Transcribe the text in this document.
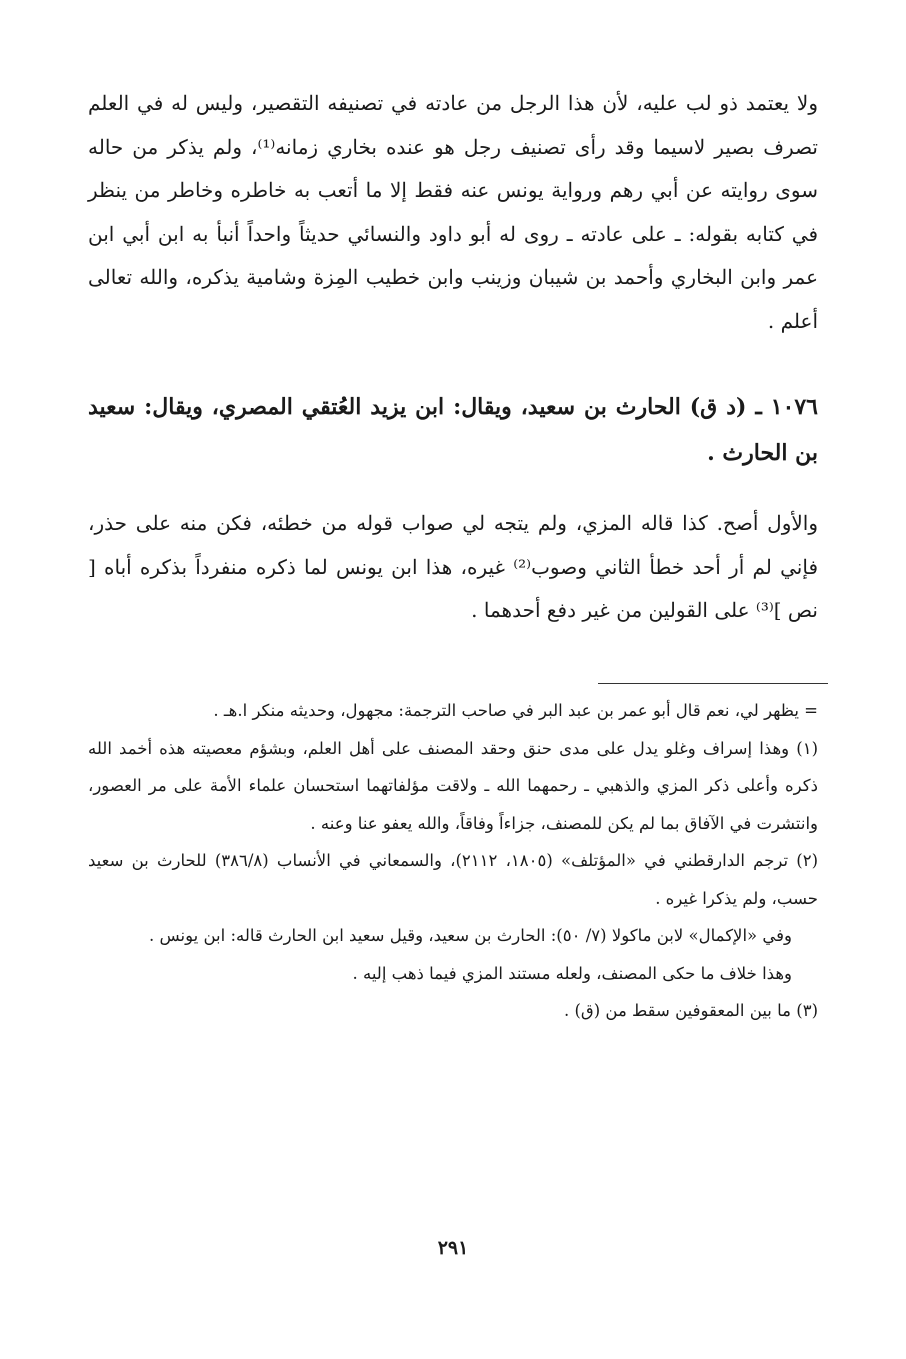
ولا يعتمد ذو لب عليه، لأن هذا الرجل من عادته في تصنيفه التقصير، وليس له في العلم تصرف بصير لاسيما وقد رأى تصنيف رجل هو عنده بخاري زمانه⁽¹⁾، ولم يذكر من حاله سوى روايته عن أبي رهم ورواية يونس عنه فقط إلا ما أتعب به خاطره وخاطر من ينظر في كتابه بقوله: ـ على عادته ـ روى له أبو داود والنسائي حديثاً واحداً أنبأ به ابن أبي ابن عمر وابن البخاري وأحمد بن شيبان وزينب وابن خطيب المِزة وشامية يذكره، والله تعالى أعلم .

١٠٧٦ ـ (د ق) الحارث بن سعيد، ويقال: ابن يزيد العُتقي المصري، ويقال: سعيد بن الحارث .

والأول أصح. كذا قاله المزي، ولم يتجه لي صواب قوله من خطئه، فكن منه على حذر، فإني لم أر أحد خطأ الثاني وصوب⁽²⁾ غيره، هذا ابن يونس لما ذكره منفرداً بذكره أباه [ نص ]⁽³⁾ على القولين من غير دفع أحدهما .

= يظهر لي، نعم قال أبو عمر بن عبد البر في صاحب الترجمة: مجهول، وحديثه منكر ا.هـ .

(١) وهذا إسراف وغلو يدل على مدى حنق وحقد المصنف على أهل العلم، وبشؤم معصيته هذه أخمد الله ذكره وأعلى ذكر المزي والذهبي ـ رحمهما الله ـ ولاقت مؤلفاتهما استحسان علماء الأمة على مر العصور، وانتشرت في الآفاق بما لم يكن للمصنف، جزاءاً وفاقاً، والله يعفو عنا وعنه .

(٢) ترجم الدارقطني في «المؤتلف» (١٨٠٥، ٢١١٢)، والسمعاني في الأنساب (٣٨٦/٨) للحارث بن سعيد حسب، ولم يذكرا غيره .

وفي «الإكمال» لابن ماكولا (٧/ ٥٠): الحارث بن سعيد، وقيل سعيد ابن الحارث قاله: ابن يونس .

وهذا خلاف ما حكى المصنف، ولعله مستند المزي فيما ذهب إليه .

(٣) ما بين المعقوفين سقط من (ق) .

٢٩١
